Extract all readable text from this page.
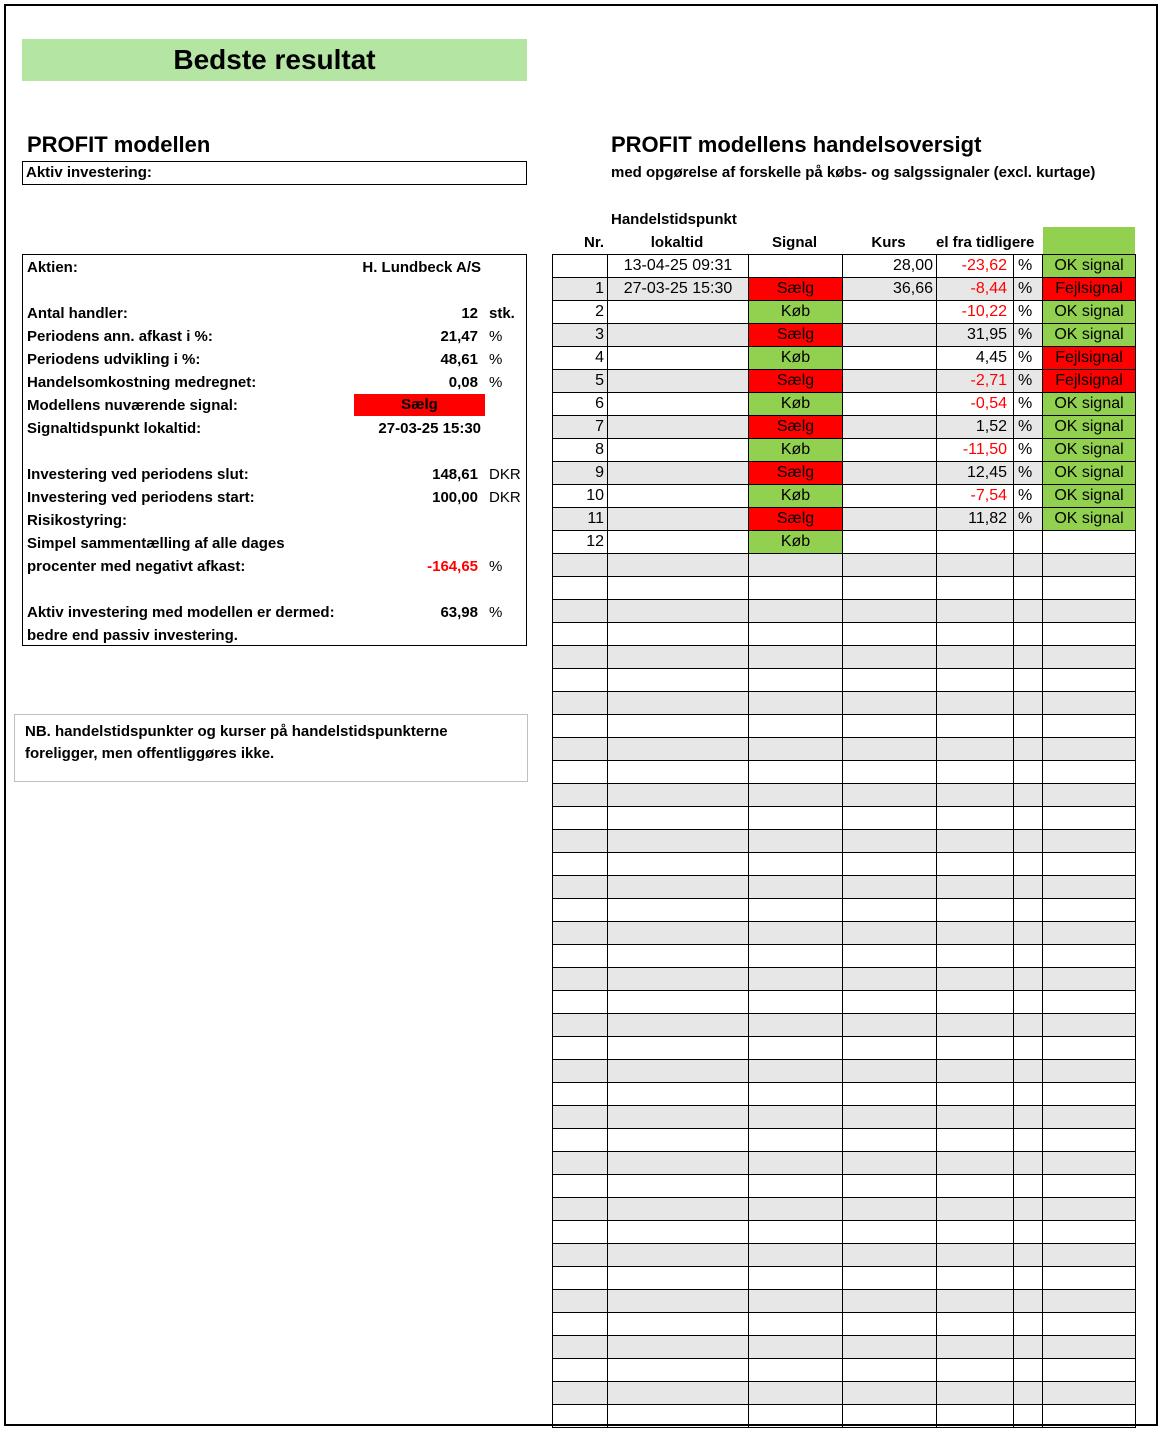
Bedste resultat
PROFIT modellen
Aktiv investering:
Aktien:	H. Lundbeck A/S
Antal handler:	12 stk.
Periodens ann. afkast i %:	21,47 %
Periodens udvikling i %:	48,61 %
Handelsomkostning medregnet:	0,08 %
Modellens nuværende signal:	Sælg
Signaltidspunkt lokaltid:	27-03-25 15:30
Investering ved periodens slut:	148,61 DKR
Investering ved periodens start:	100,00 DKR
Risikostyring:
Simpel sammentælling af alle dages
procenter med negativt afkast:	-164,65 %
Aktiv investering med modellen er dermed:	63,98 %
bedre end passiv investering.
NB. handelstidspunkter og kurser på handelstidspunkterne
foreligger, men offentliggøres ikke.
PROFIT modellens handelsoversigt
med opgørelse af forskelle på købs- og salgssignaler (excl. kurtage)
Handelstidspunkt
Nr.	lokaltid	Signal	Kurs	el fra tidligere
	13-04-25 09:31		28,00	-23,62	%	OK signal
1	27-03-25 15:30	Sælg	36,66	-8,44	%	Fejlsignal
2		Køb		-10,22	%	OK signal
3		Sælg		31,95	%	OK signal
4		Køb		4,45	%	Fejlsignal
5		Sælg		-2,71	%	Fejlsignal
6		Køb		-0,54	%	OK signal
7		Sælg		1,52	%	OK signal
8		Køb		-11,50	%	OK signal
9		Sælg		12,45	%	OK signal
10		Køb		-7,54	%	OK signal
11		Sælg		11,82	%	OK signal
12		Køb				
